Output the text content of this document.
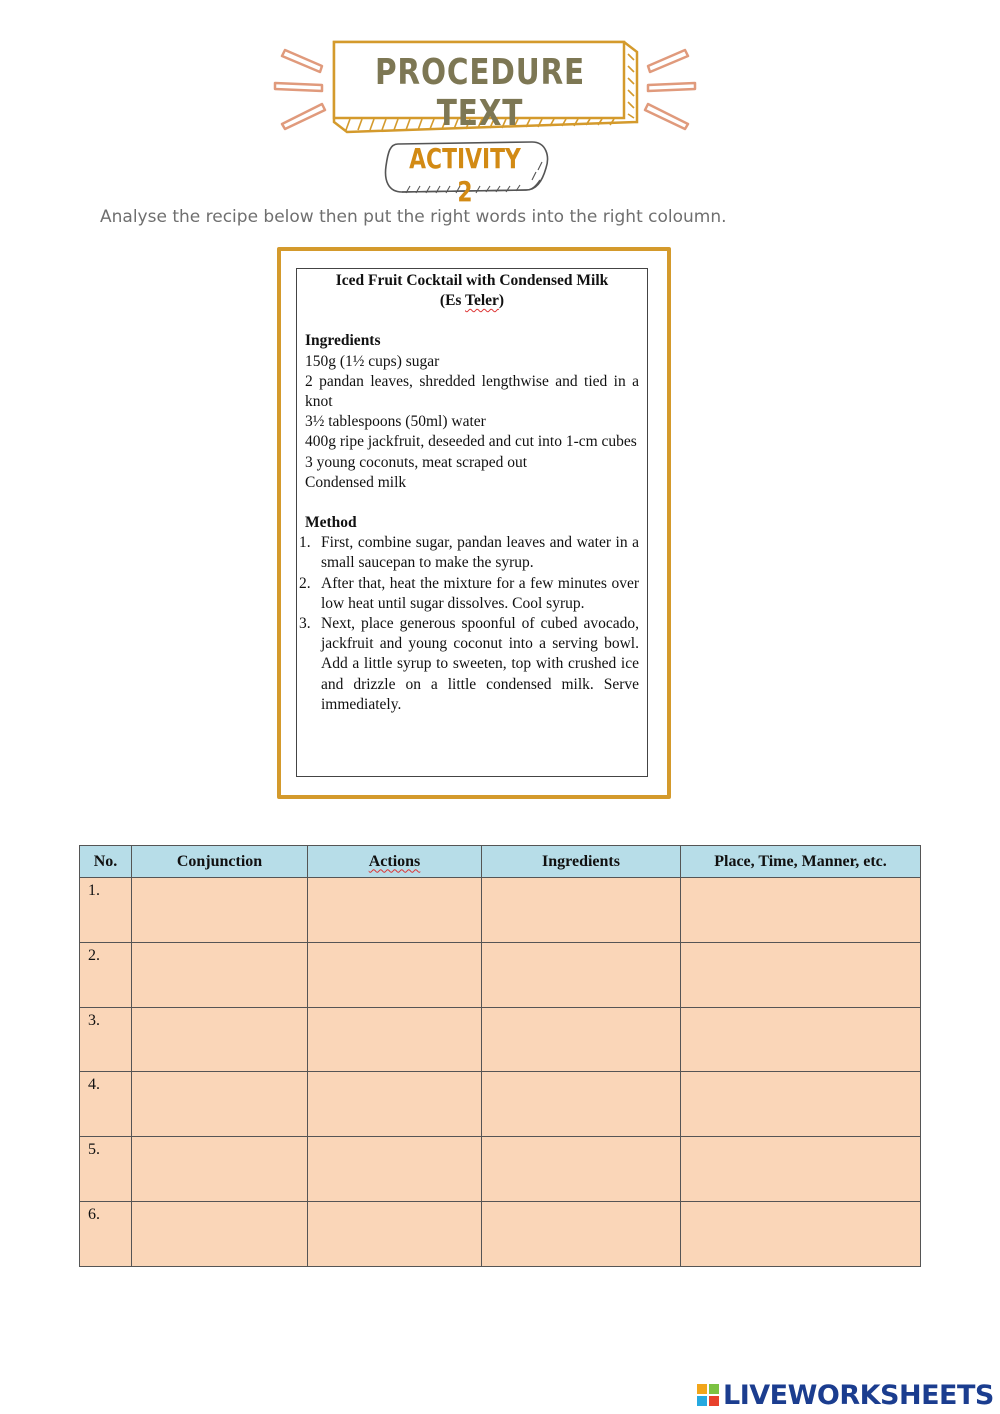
PROCEDURE TEXT
ACTIVITY 2
Analyse the recipe below then put the right words into the right coloumn.
Iced Fruit Cocktail with Condensed Milk
(Es Teler)
Ingredients
150g (1½ cups) sugar
2 pandan leaves, shredded lengthwise and tied in a knot
3½ tablespoons (50ml) water
400g ripe jackfruit, deseeded and cut into 1-cm cubes
3 young coconuts, meat scraped out
Condensed milk
Method
1. First, combine sugar, pandan leaves and water in a small saucepan to make the syrup.
2. After that, heat the mixture for a few minutes over low heat until sugar dissolves. Cool syrup.
3. Next, place generous spoonful of cubed avocado, jackfruit and young coconut into a serving bowl. Add a little syrup to sweeten, top with crushed ice and drizzle on a little condensed milk. Serve immediately.
No.	Conjunction	Actions	Ingredients	Place, Time, Manner, etc.
1.				
2.				
3.				
4.				
5.				
6.				
LIVEWORKSHEETS
